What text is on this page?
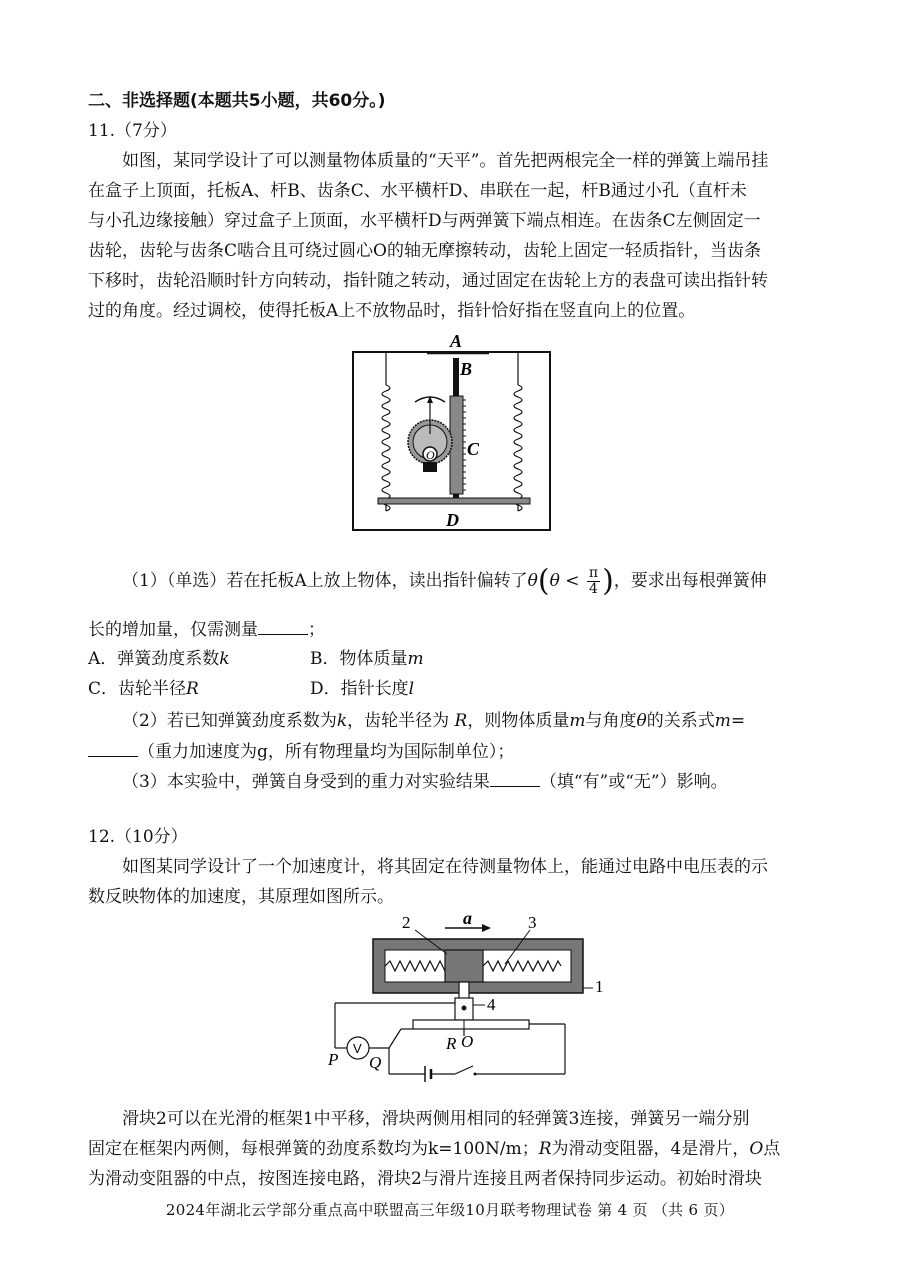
二、非选择题(本题共5小题，共60分。)
11.（7分）
如图，某同学设计了可以测量物体质量的“天平”。首先把两根完全一样的弹簧上端吊挂
在盒子上顶面，托板A、杆B、齿条C、水平横杆D、串联在一起，杆B通过小孔（直杆未
与小孔边缘接触）穿过盒子上顶面，水平横杆D与两弹簧下端点相连。在齿条C左侧固定一
齿轮，齿轮与齿条C啮合且可绕过圆心O的轴无摩擦转动，齿轮上固定一轻质指针，当齿条
下移时，齿轮沿顺时针方向转动，指针随之转动，通过固定在齿轮上方的表盘可读出指针转
过的角度。经过调校，使得托板A上不放物品时，指针恰好指在竖直向上的位置。
A
B
C
D
O
（1）（单选）若在托板A上放上物体，读出指针偏转了$\theta(\theta < \frac{\pi}{4}$ )，要求出每根弹簧伸
长的增加量，仅需测量	；
A．弹簧劲度系数k	B．物体质量m
C．齿轮半径R	D．指针长度l
（2）若已知弹簧劲度系数为k，齿轮半径为 R，则物体质量m与角度θ的关系式m=
（重力加速度为g，所有物理量均为国际制单位）；
（3）本实验中，弹簧自身受到的重力对实验结果	（填“有”或“无”）影响。
12.（10分）
如图某同学设计了一个加速度计，将其固定在待测量物体上，能通过电路中电压表的示
数反映物体的加速度，其原理如图所示。
a
2	3
1
4
R O
V
P Q
滑块2可以在光滑的框架1中平移，滑块两侧用相同的轻弹簧3连接，弹簧另一端分别
固定在框架内两侧，每根弹簧的劲度系数均为k=100N/m；R为滑动变阻器，4是滑片，O点
为滑动变阻器的中点，按图连接电路，滑块2与滑片连接且两者保持同步运动。初始时滑块
2024年湖北云学部分重点高中联盟高三年级10月联考物理试卷 第 4 页 （共 6 页）
